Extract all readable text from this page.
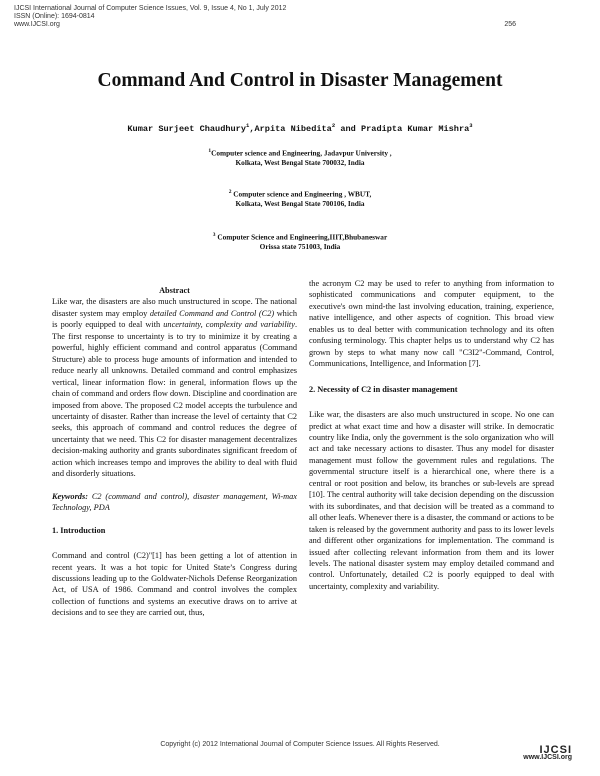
IJCSI International Journal of Computer Science Issues, Vol. 9, Issue 4, No 1, July 2012
ISSN (Online): 1694-0814
www.IJCSI.org	256
Command And Control in Disaster Management
Kumar Surjeet Chaudhury$^1$,Arpita Nibedita$^2$ and Pradipta Kumar Mishra$^3$
$^1$Computer science and Engineering, Jadavpur University ,
Kolkata, West Bengal State 700032, India
$^2$ Computer science and Engineering , WBUT,
Kolkata, West Bengal State 700106, India
$^3$ Computer Science and Engineering,IIIT,Bhubaneswar
Orissa state 751003, India

Abstract

Like war, the disasters are also much unstructured in scope. The national disaster system may employ detailed Command and Control (C2) which is poorly equipped to deal with uncertainty, complexity and variability. The first response to uncertainty is to try to minimize it by creating a powerful, highly efficient command and control apparatus (Command Structure) able to process huge amounts of information and intended to reduce nearly all unknowns. Detailed command and control emphasizes vertical, linear information flow: in general, information flows up the chain of command and orders flow down. Discipline and coordination are imposed from above. The proposed C2 model accepts the turbulence and uncertainty of disaster. Rather than increase the level of certainty that C2 seeks, this approach of command and control reduces the degree of uncertainty that we need. This C2 for disaster management decentralizes decision-making authority and grants subordinates significant freedom of action which increases tempo and improves the ability to deal with fluid and disorderly situations.

Keywords: C2 (command and control), disaster management, Wi-max Technology, PDA

1. Introduction

Command and control (C2)"[1] has been getting a lot of attention in recent years. It was a hot topic for United State’s Congress during discussions leading up to the Goldwater-Nichols Defense Reorganization Act, of USA of 1986. Command and control involves the complex collection of functions and systems an executive draws on to arrive at decisions and to see they are carried out, thus,

the acronym C2 may be used to refer to anything from information to sophisticated communications and computer equipment, to the executive's own mind-the last involving education, training, experience, native intelligence, and other aspects of cognition. This broad view enables us to deal better with communication technology and its often confusing terminology. This chapter helps us to understand why C2 has grown by steps to what many now call "C3I2"-Command, Control, Communications, Intelligence, and Information [7].

2. Necessity of C2 in disaster management

Like war, the disasters are also much unstructured in scope. No one can predict at what exact time and how a disaster will strike. In democratic country like India, only the government is the solo organization who will act and take necessary actions to disaster. Thus any model for disaster management must follow the government rules and regulations. The governmental structure itself is a hierarchical one, where there is a central or root position and below, its branches or sub-levels are spread [10]. The central authority will take decision depending on the discussion with its subordinates, and that decision will be treated as a command to all other leafs. Whenever there is a disaster, the command or actions to be taken is released by the government authority and pass to its lower levels and different other organizations for implementation. The command is issued after collecting relevant information from them and its lower levels. The national disaster system may employ detailed command and control. Unfortunately, detailed C2 is poorly equipped to deal with uncertainty, complexity and variability.

Copyright (c) 2012 International Journal of Computer Science Issues. All Rights Reserved.	IJCSI
www.IJCSI.org
